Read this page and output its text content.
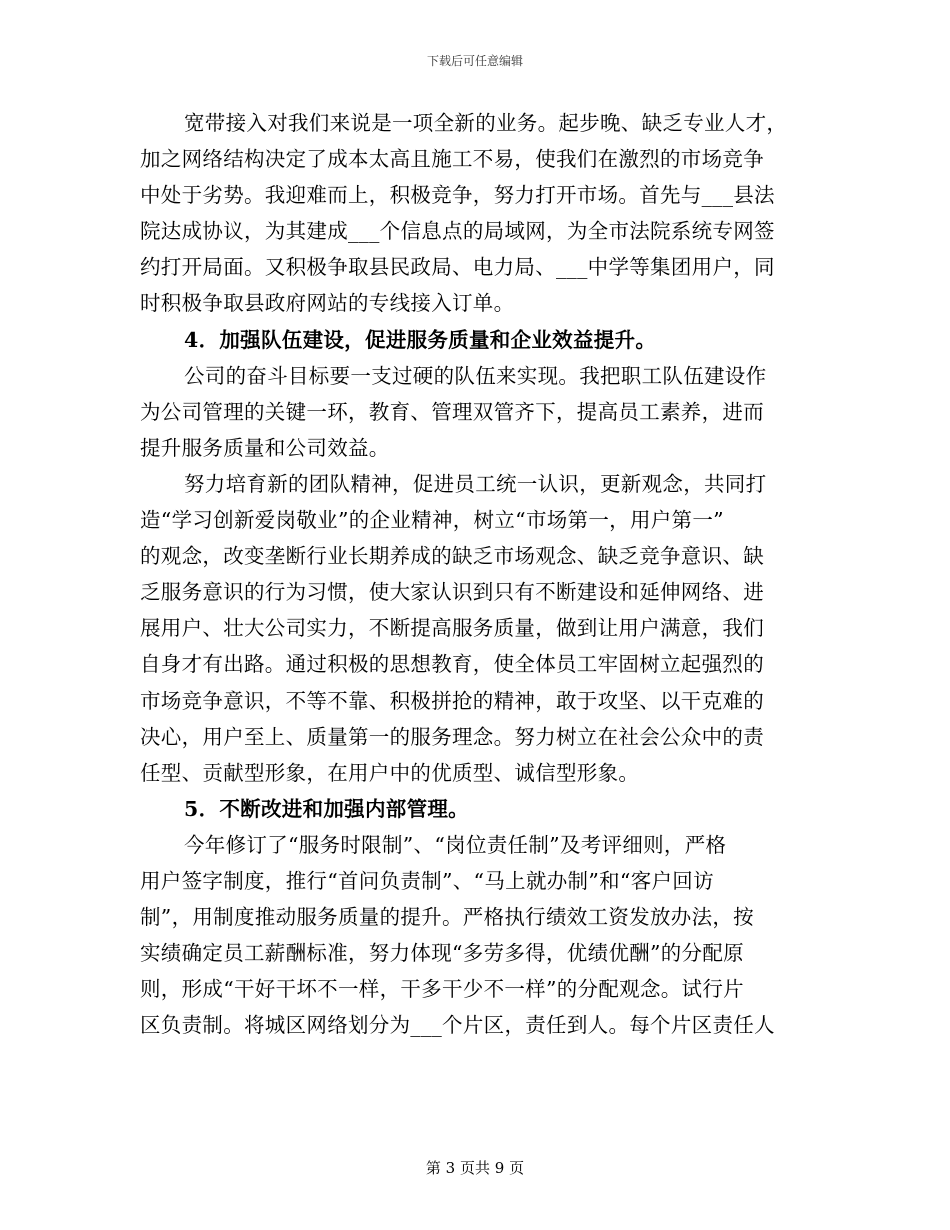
下载后可任意编辑
宽带接入对我们来说是一项全新的业务。起步晚、缺乏专业人才，
加之网络结构决定了成本太高且施工不易，使我们在激烈的市场竞争
中处于劣势。我迎难而上，积极竞争，努力打开市场。首先与___县法
院达成协议，为其建成___个信息点的局域网，为全市法院系统专网签
约打开局面。又积极争取县民政局、电力局、___中学等集团用户，同
时积极争取县政府网站的专线接入订单。
4．加强队伍建设，促进服务质量和企业效益提升。
公司的奋斗目标要一支过硬的队伍来实现。我把职工队伍建设作
为公司管理的关键一环，教育、管理双管齐下，提高员工素养，进而
提升服务质量和公司效益。
努力培育新的团队精神，促进员工统一认识，更新观念，共同打
造“学习创新爱岗敬业”的企业精神，树立“市场第一，用户第一”
的观念，改变垄断行业长期养成的缺乏市场观念、缺乏竞争意识、缺
乏服务意识的行为习惯，使大家认识到只有不断建设和延伸网络、进
展用户、壮大公司实力，不断提高服务质量，做到让用户满意，我们
自身才有出路。通过积极的思想教育，使全体员工牢固树立起强烈的
市场竞争意识，不等不靠、积极拼抢的精神，敢于攻坚、以干克难的
决心，用户至上、质量第一的服务理念。努力树立在社会公众中的责
任型、贡献型形象，在用户中的优质型、诚信型形象。
5．不断改进和加强内部管理。
今年修订了“服务时限制”、“岗位责任制”及考评细则，严格
用户签字制度，推行“首问负责制”、“马上就办制”和“客户回访
制”，用制度推动服务质量的提升。严格执行绩效工资发放办法，按
实绩确定员工薪酬标准，努力体现“多劳多得，优绩优酬”的分配原
则，形成“干好干坏不一样，干多干少不一样”的分配观念。试行片
区负责制。将城区网络划分为___个片区，责任到人。每个片区责任人
第 3 页共 9 页
